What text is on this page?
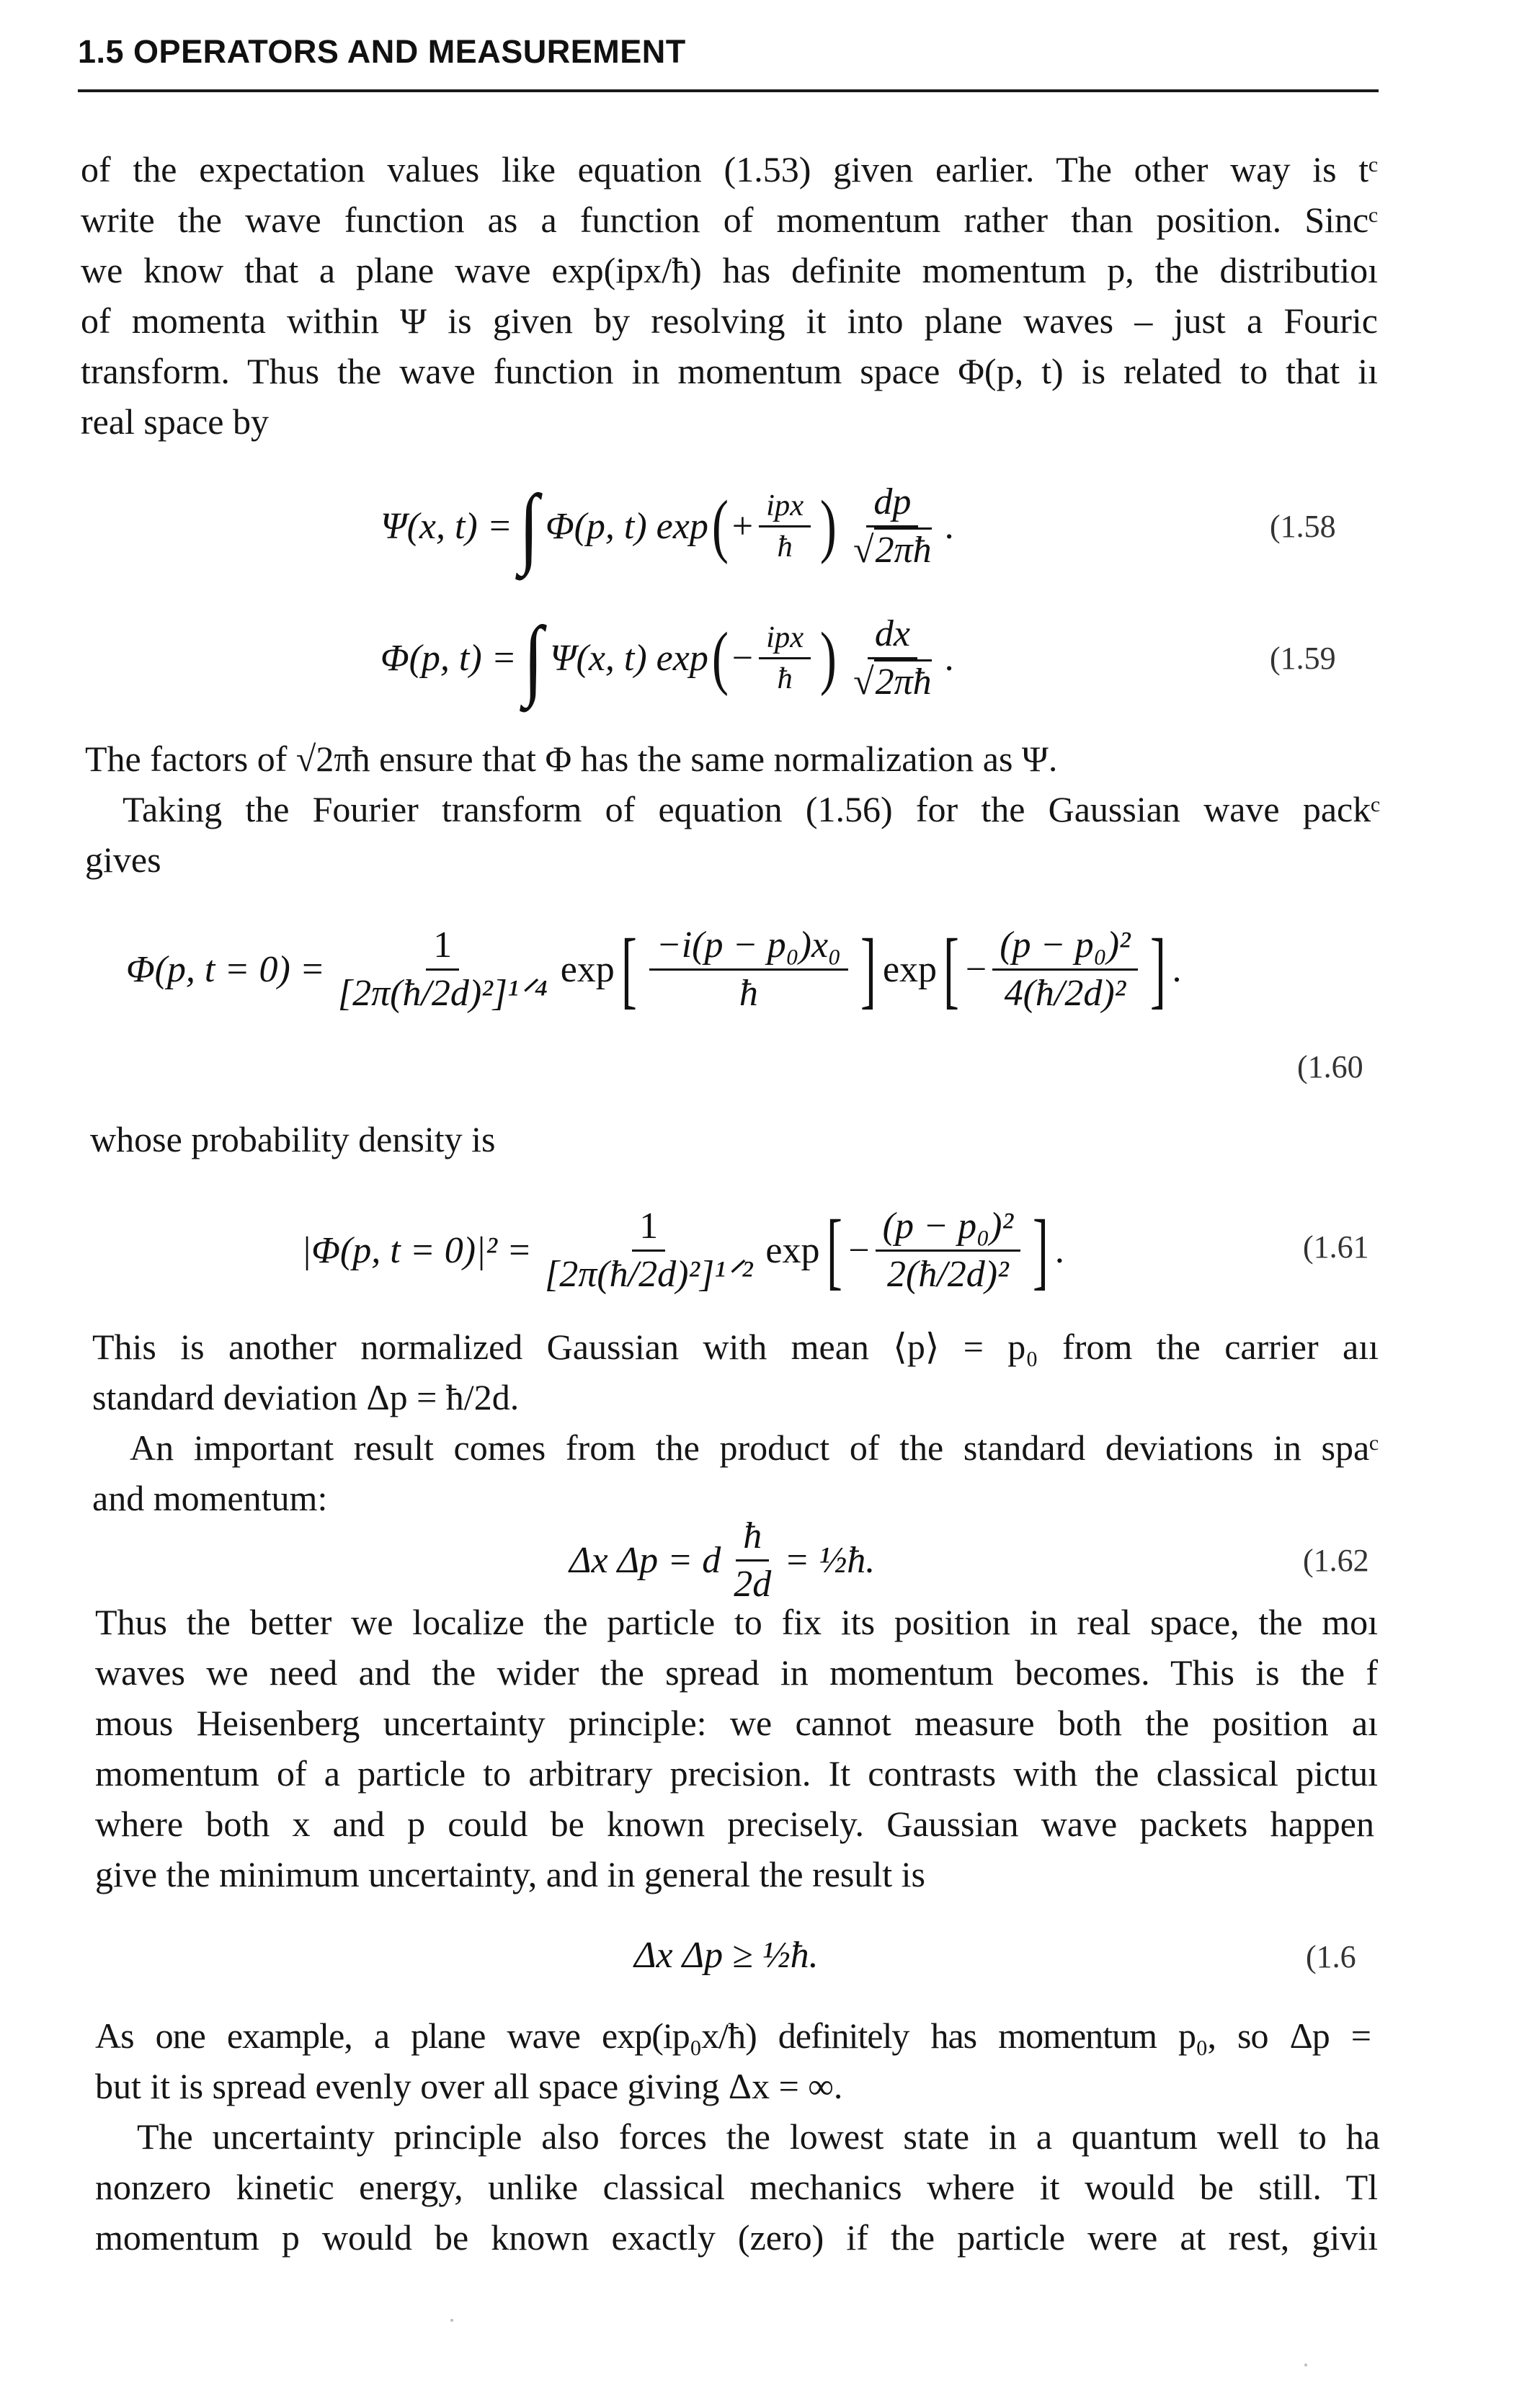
1.5 OPERATORS AND MEASUREMENT
of the expectation values like equation (1.53) given earlier. The other way is tᶜ
write the wave function as a function of momentum rather than position. Sincᶜ
we know that a plane wave exp(ipx/ħ) has definite momentum p, the distributioı
of momenta within Ψ is given by resolving it into plane waves – just a Fouric
transform. Thus the wave function in momentum space Φ(p, t) is related to that iı
real space by
Ψ(x, t) = ∫ Φ(p, t) exp ( + $\frac{\text{ipx}}{ħ}$ ) $\frac{dp}{√2\pi ħ}$ .	(1.58
Φ(p, t) = ∫ Ψ(x, t) exp ( − $\frac{\text{ipx}}{ħ}$ ) $\frac{dx}{√2\pi ħ}$ .	(1.59
The factors of √2πħ ensure that Φ has the same normalization as Ψ.
Taking the Fourier transform of equation (1.56) for the Gaussian wave packᶜ
gives
Φ(p, $t = 0) = \frac{1}{\text{[2π(ħ/2d)²]¹ᐟ⁴}}$ exp [ $\frac{\text{−i(p − p₀)x₀}}{ħ}$ ] exp [ − $\frac{\text{(p − p₀)²}}{\text{4(ħ/2d)²}}$ ] .
(1.60
whose probability density is
|Φ(p, $t = 0)|^2 = \frac{1}{\text{[2π(ħ/2d)²]¹ᐟ²}}$ exp [ − $\frac{\text{(p − p₀)²}}{\text{2(ħ/2d)²}}$ ] .	(1.61
This is another normalized Gaussian with mean ⟨p⟩ = p₀ from the carrier aıı
standard deviation Δp = ħ/2d.
An important result comes from the product of the standard deviations in spaᶜ
and momentum:
Δx Δp = d $\frac{ħ}{2d}$ = ½ħ.	(1.62
Thus the better we localize the particle to fix its position in real space, the moı
waves we need and the wider the spread in momentum becomes. This is the f
mous Heisenberg uncertainty principle: we cannot measure both the position aı
momentum of a particle to arbitrary precision. It contrasts with the classical pictuı
where both x and p could be known precisely. Gaussian wave packets happen
give the minimum uncertainty, and in general the result is
Δx Δp ≥ ½ħ.	(1.6
As one example, a plane wave exp(ip₀x/ħ) definitely has momentum p₀, so Δp =
but it is spread evenly over all space giving Δx = ∞.
The uncertainty principle also forces the lowest state in a quantum well to ha
nonzero kinetic energy, unlike classical mechanics where it would be still. Tl
momentum p would be known exactly (zero) if the particle were at rest, giviı
